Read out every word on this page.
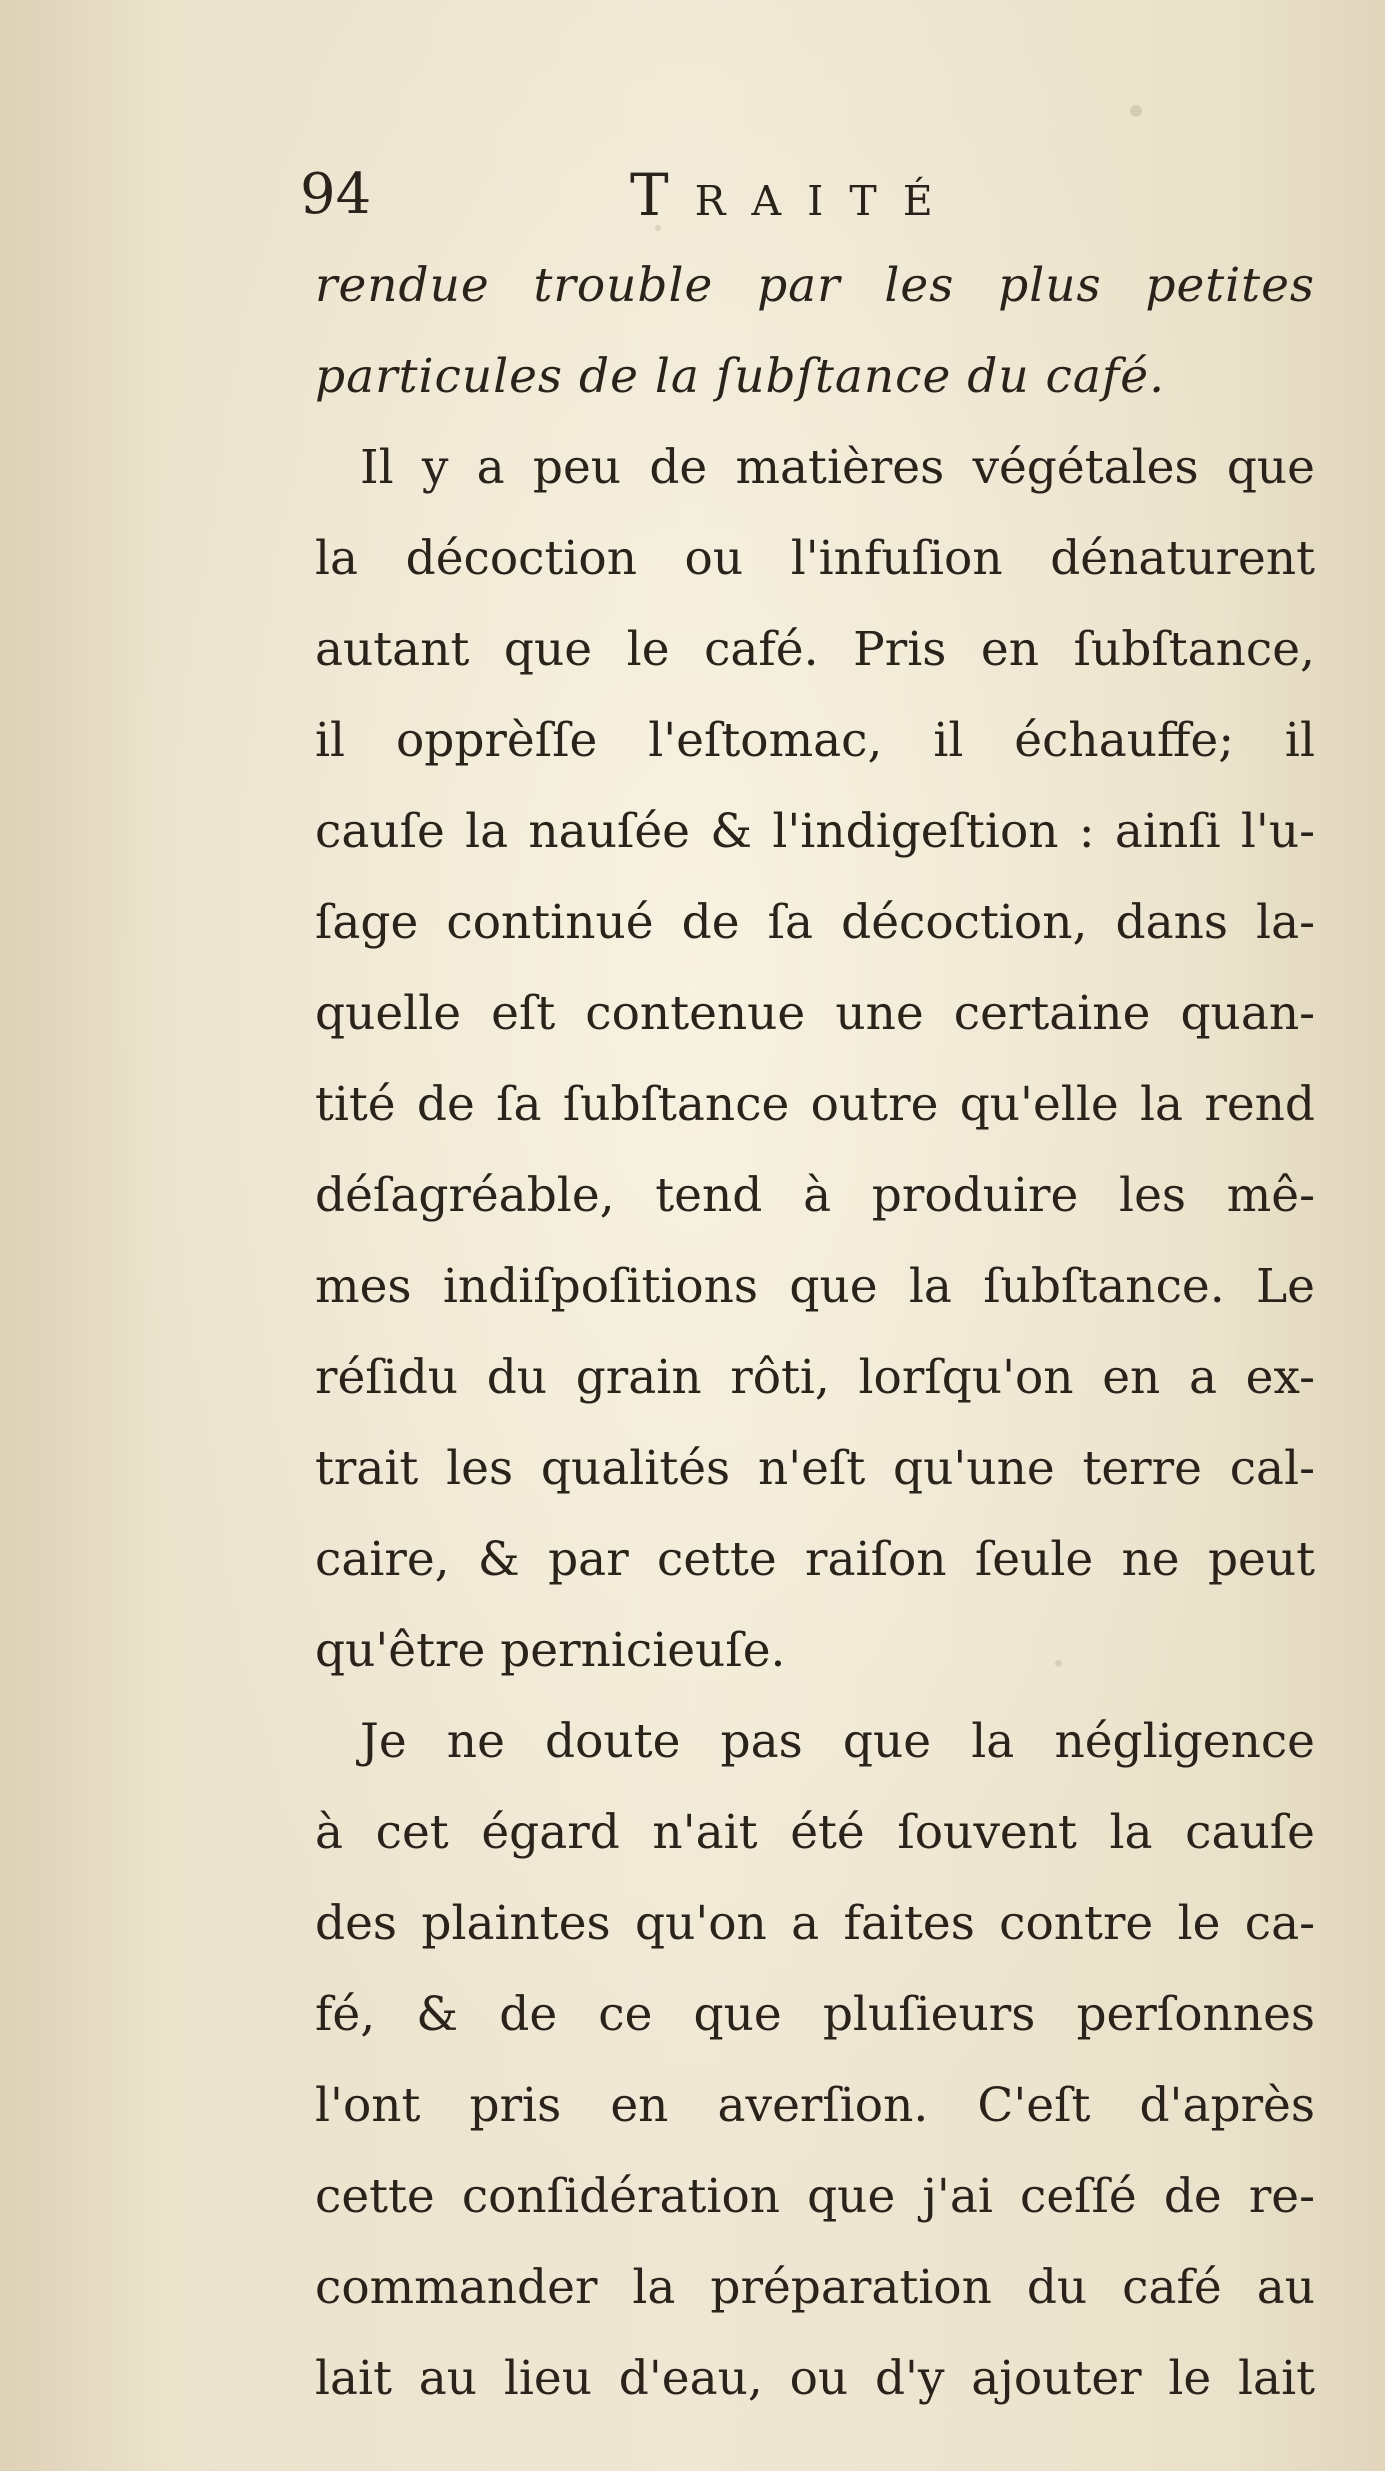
94	Traité
rendue trouble par les plus petites
particules de la ſubſtance du café.
Il y a peu de matières végétales que
la décoction ou l'infuſion dénaturent
autant que le café. Pris en ſubſtance,
il opprèſſe l'eſtomac, il échauffe; il
cauſe la nauſée & l'indigeſtion : ainſi l'u-
ſage continué de ſa décoction, dans la-
quelle eſt contenue une certaine quan-
tité de ſa ſubſtance outre qu'elle la rend
déſagréable, tend à produire les mê-
mes indiſpoſitions que la ſubſtance. Le
réſidu du grain rôti, lorſqu'on en a ex-
trait les qualités n'eſt qu'une terre cal-
caire, & par cette raiſon ſeule ne peut
qu'être pernicieuſe.
Je ne doute pas que la négligence
à cet égard n'ait été ſouvent la cauſe
des plaintes qu'on a faites contre le ca-
fé, & de ce que pluſieurs perſonnes
l'ont pris en averſion. C'eſt d'après
cette conſidération que j'ai ceſſé de re-
commander la préparation du café au
lait au lieu d'eau, ou d'y ajouter le lait
